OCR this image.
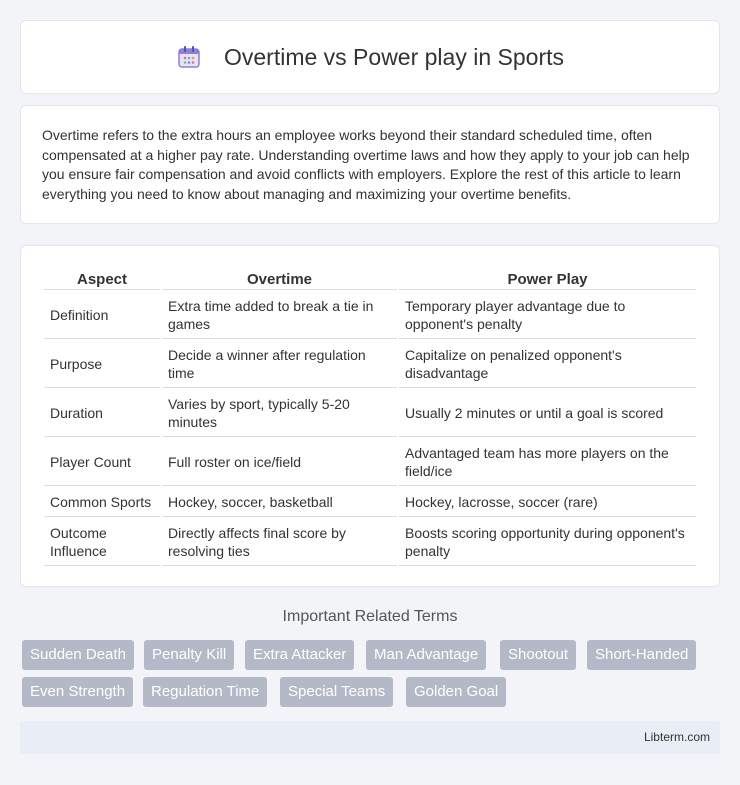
Overtime vs Power play in Sports

Overtime refers to the extra hours an employee works beyond their standard scheduled time, often compensated at a higher pay rate. Understanding overtime laws and how they apply to your job can help you ensure fair compensation and avoid conflicts with employers. Explore the rest of this article to learn everything you need to know about managing and maximizing your overtime benefits.

Aspect	Overtime	Power Play
Definition	Extra time added to break a tie in games	Temporary player advantage due to opponent's penalty
Purpose	Decide a winner after regulation time	Capitalize on penalized opponent's disadvantage
Duration	Varies by sport, typically 5-20 minutes	Usually 2 minutes or until a goal is scored
Player Count	Full roster on ice/field	Advantaged team has more players on the field/ice
Common Sports	Hockey, soccer, basketball	Hockey, lacrosse, soccer (rare)
Outcome Influence	Directly affects final score by resolving ties	Boosts scoring opportunity during opponent's penalty
Important Related Terms
Sudden Death	Penalty Kill	Extra Attacker	Man Advantage	Shootout	Short-Handed
Even Strength	Regulation Time	Special Teams	Golden Goal
Libterm.com
